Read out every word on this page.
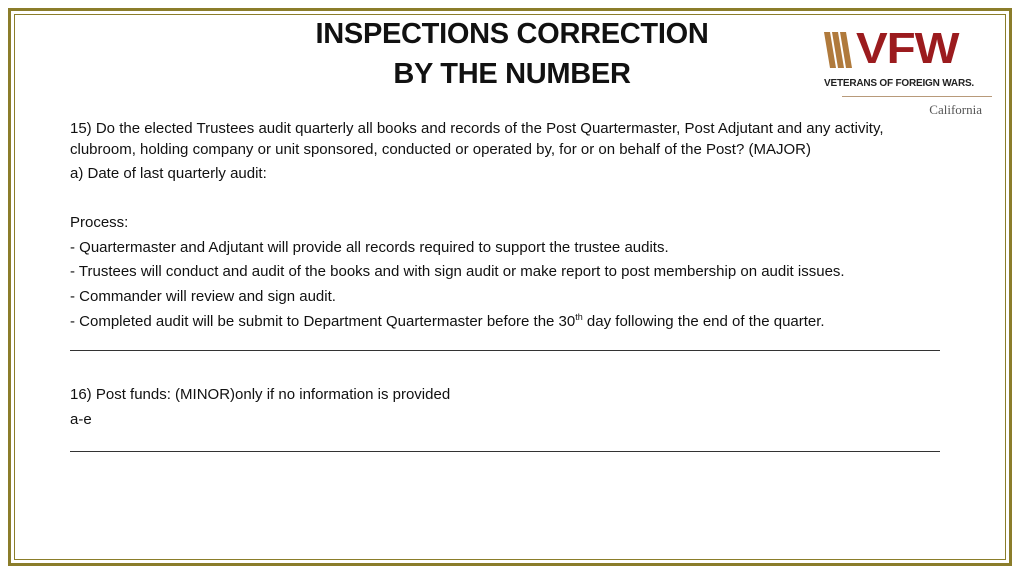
INSPECTIONS CORRECTION
BY THE NUMBER
VFW
VETERANS OF FOREIGN WARS.
California
15) Do the elected Trustees audit quarterly all books and records of the Post Quartermaster, Post Adjutant and any activity, clubroom, holding company or unit sponsored, conducted or operated by, for or on behalf of the Post? (MAJOR)
a) Date of last quarterly audit:
Process:
- Quartermaster and Adjutant will provide all records required to support the trustee audits.
- Trustees will conduct and audit of the books and with sign audit or make report to post membership on audit issues.
- Commander will review and sign audit.
- Completed audit will be submit to Department Quartermaster before the 30th day following the end of the quarter.
16) Post funds: (MINOR)only if no information is provided
a-e
